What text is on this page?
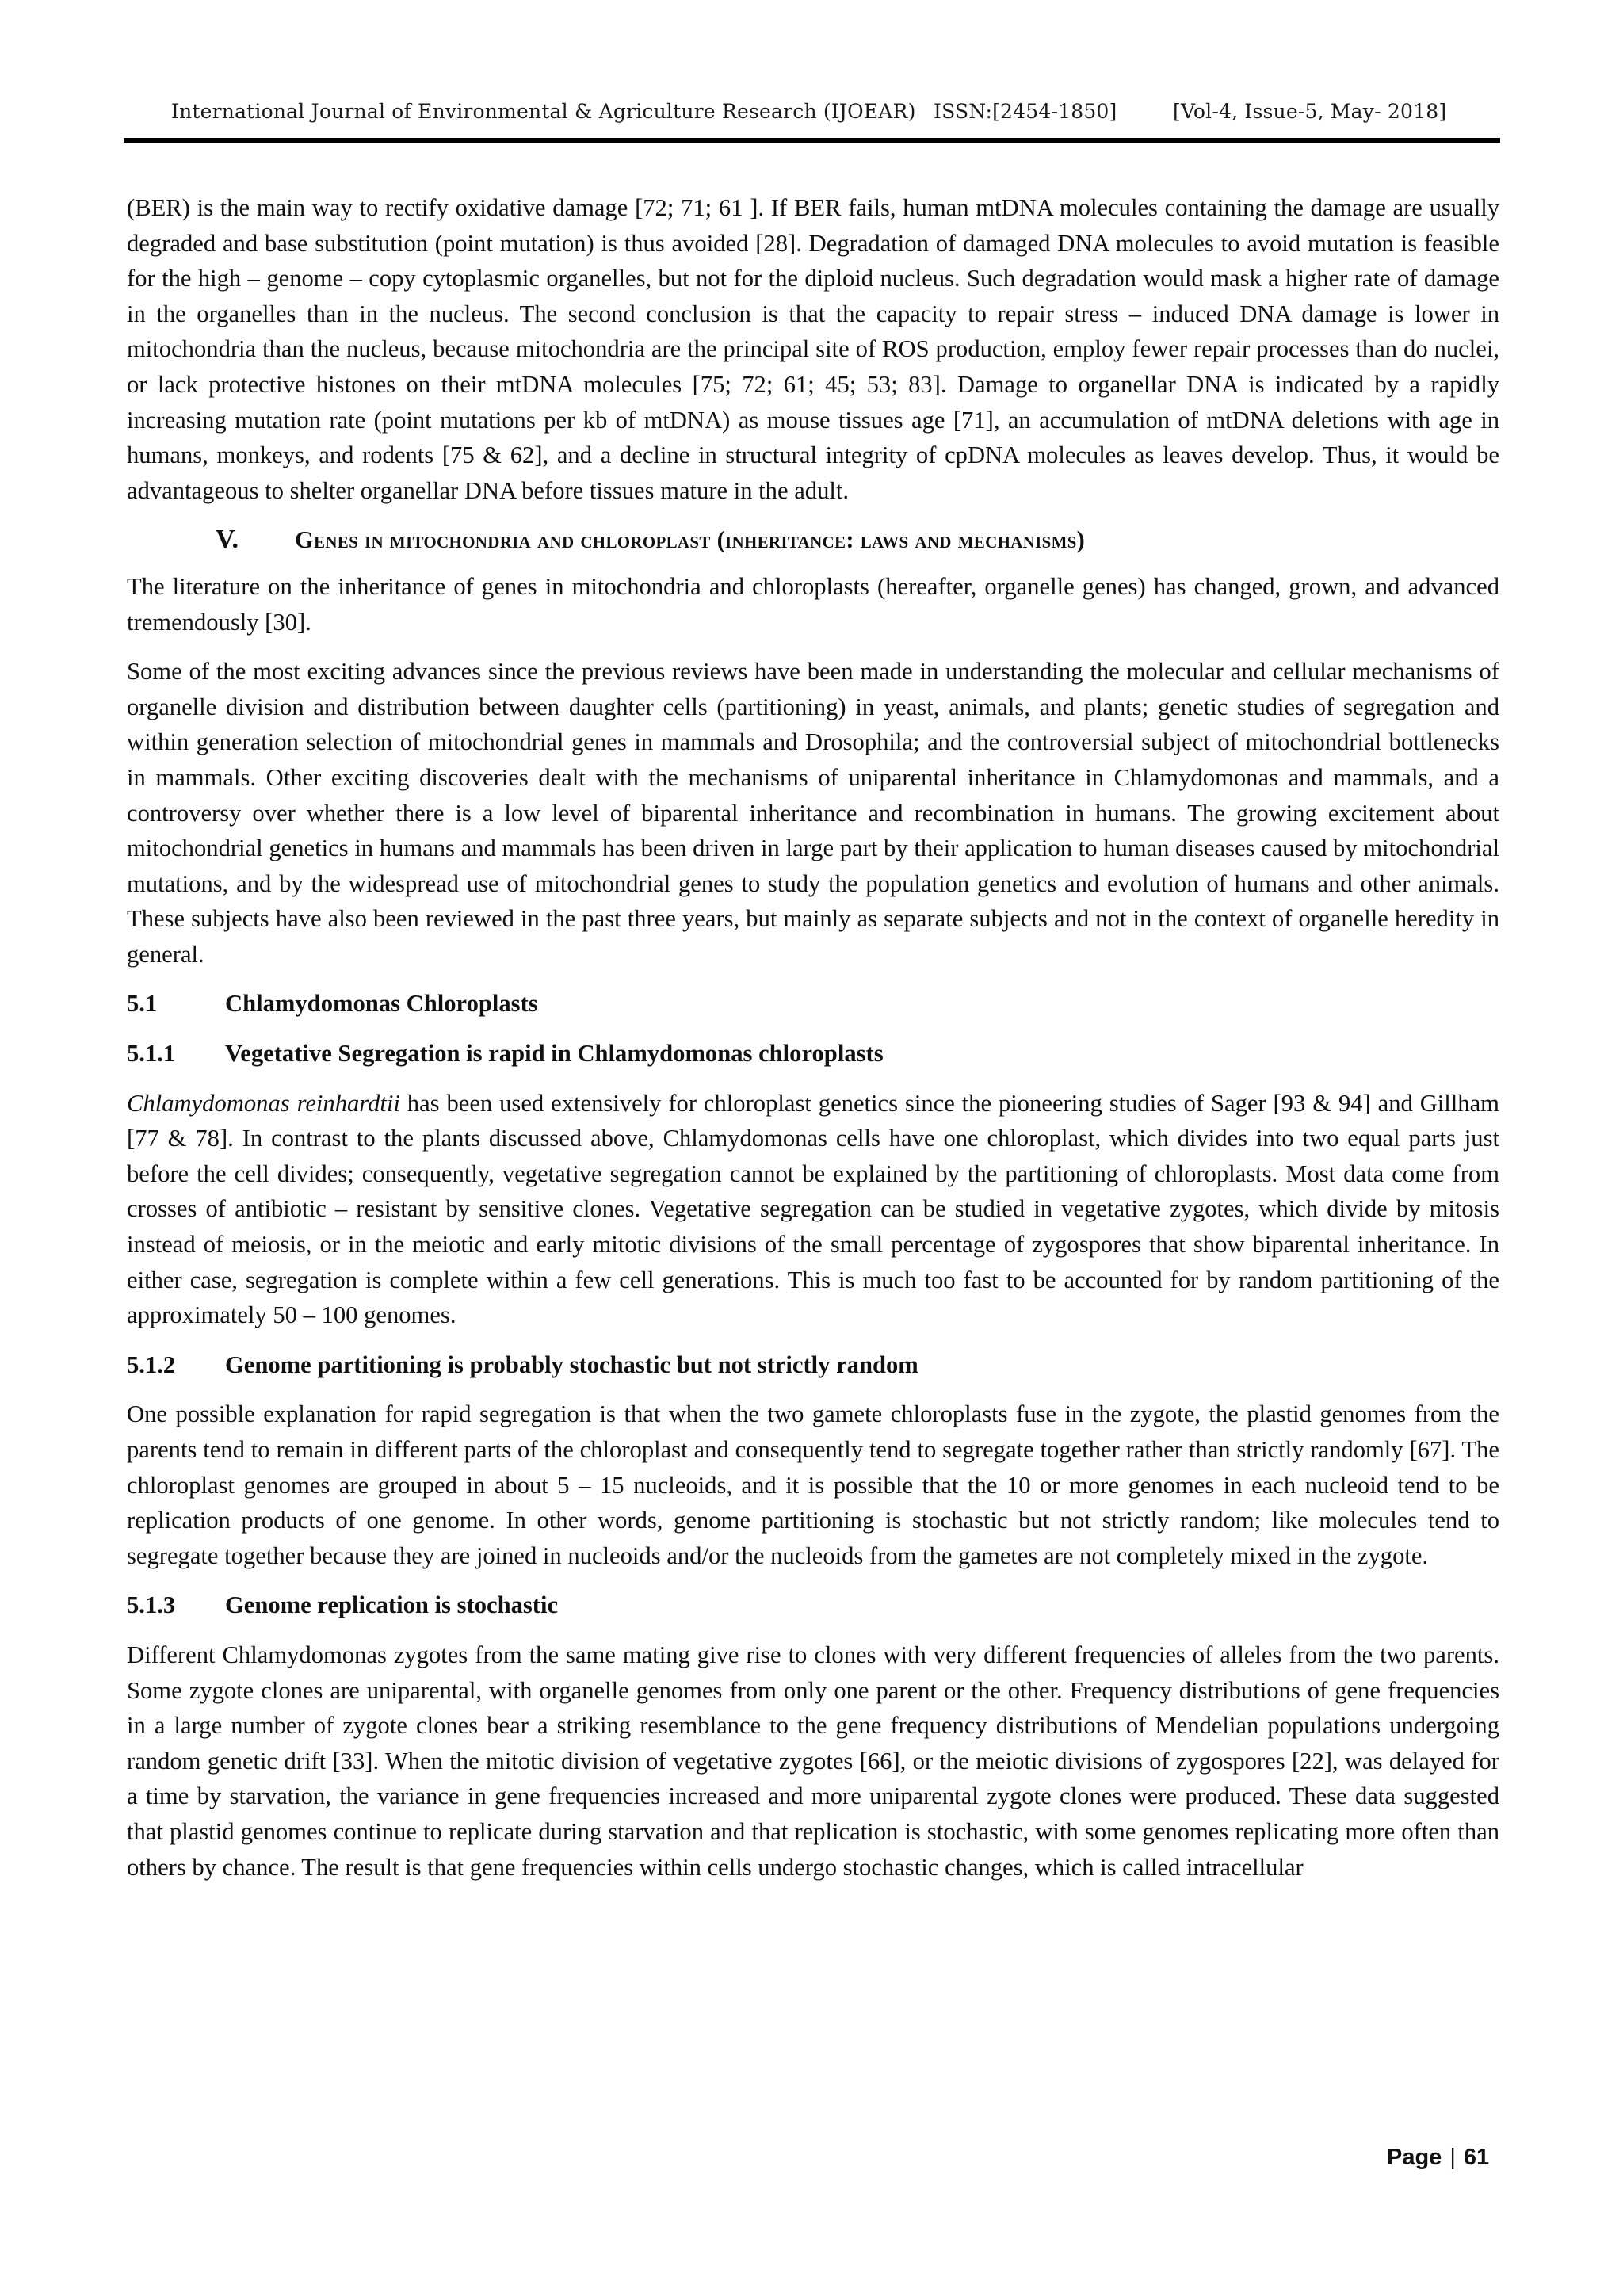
International Journal of Environmental & Agriculture Research (IJOEAR) ISSN:[2454-1850]	[Vol-4, Issue-5, May- 2018]

(BER) is the main way to rectify oxidative damage [72; 71; 61 ]. If BER fails, human mtDNA molecules containing the damage are usually degraded and base substitution (point mutation) is thus avoided [28]. Degradation of damaged DNA molecules to avoid mutation is feasible for the high – genome – copy cytoplasmic organelles, but not for the diploid nucleus. Such degradation would mask a higher rate of damage in the organelles than in the nucleus. The second conclusion is that the capacity to repair stress – induced DNA damage is lower in mitochondria than the nucleus, because mitochondria are the principal site of ROS production, employ fewer repair processes than do nuclei, or lack protective histones on their mtDNA molecules [75; 72; 61; 45; 53; 83]. Damage to organellar DNA is indicated by a rapidly increasing mutation rate (point mutations per kb of mtDNA) as mouse tissues age [71], an accumulation of mtDNA deletions with age in humans, monkeys, and rodents [75 & 62], and a decline in structural integrity of cpDNA molecules as leaves develop. Thus, it would be advantageous to shelter organellar DNA before tissues mature in the adult.

V. Genes in mitochondria and chloroplast (inheritance: laws and mechanisms)

The literature on the inheritance of genes in mitochondria and chloroplasts (hereafter, organelle genes) has changed, grown, and advanced tremendously [30].

Some of the most exciting advances since the previous reviews have been made in understanding the molecular and cellular mechanisms of organelle division and distribution between daughter cells (partitioning) in yeast, animals, and plants; genetic studies of segregation and within generation selection of mitochondrial genes in mammals and Drosophila; and the controversial subject of mitochondrial bottlenecks in mammals. Other exciting discoveries dealt with the mechanisms of uniparental inheritance in Chlamydomonas and mammals, and a controversy over whether there is a low level of biparental inheritance and recombination in humans. The growing excitement about mitochondrial genetics in humans and mammals has been driven in large part by their application to human diseases caused by mitochondrial mutations, and by the widespread use of mitochondrial genes to study the population genetics and evolution of humans and other animals. These subjects have also been reviewed in the past three years, but mainly as separate subjects and not in the context of organelle heredity in general.

5.1	Chlamydomonas Chloroplasts
5.1.1 Vegetative Segregation is rapid in Chlamydomonas chloroplasts

Chlamydomonas reinhardtii has been used extensively for chloroplast genetics since the pioneering studies of Sager [93 & 94] and Gillham [77 & 78]. In contrast to the plants discussed above, Chlamydomonas cells have one chloroplast, which divides into two equal parts just before the cell divides; consequently, vegetative segregation cannot be explained by the partitioning of chloroplasts. Most data come from crosses of antibiotic – resistant by sensitive clones. Vegetative segregation can be studied in vegetative zygotes, which divide by mitosis instead of meiosis, or in the meiotic and early mitotic divisions of the small percentage of zygospores that show biparental inheritance. In either case, segregation is complete within a few cell generations. This is much too fast to be accounted for by random partitioning of the approximately 50 – 100 genomes.

5.1.2 Genome partitioning is probably stochastic but not strictly random

One possible explanation for rapid segregation is that when the two gamete chloroplasts fuse in the zygote, the plastid genomes from the parents tend to remain in different parts of the chloroplast and consequently tend to segregate together rather than strictly randomly [67]. The chloroplast genomes are grouped in about 5 – 15 nucleoids, and it is possible that the 10 or more genomes in each nucleoid tend to be replication products of one genome. In other words, genome partitioning is stochastic but not strictly random; like molecules tend to segregate together because they are joined in nucleoids and/or the nucleoids from the gametes are not completely mixed in the zygote.

5.1.3 Genome replication is stochastic

Different Chlamydomonas zygotes from the same mating give rise to clones with very different frequencies of alleles from the two parents. Some zygote clones are uniparental, with organelle genomes from only one parent or the other. Frequency distributions of gene frequencies in a large number of zygote clones bear a striking resemblance to the gene frequency distributions of Mendelian populations undergoing random genetic drift [33]. When the mitotic division of vegetative zygotes [66], or the meiotic divisions of zygospores [22], was delayed for a time by starvation, the variance in gene frequencies increased and more uniparental zygote clones were produced. These data suggested that plastid genomes continue to replicate during starvation and that replication is stochastic, with some genomes replicating more often than others by chance. The result is that gene frequencies within cells undergo stochastic changes, which is called intracellular

Page | 61
